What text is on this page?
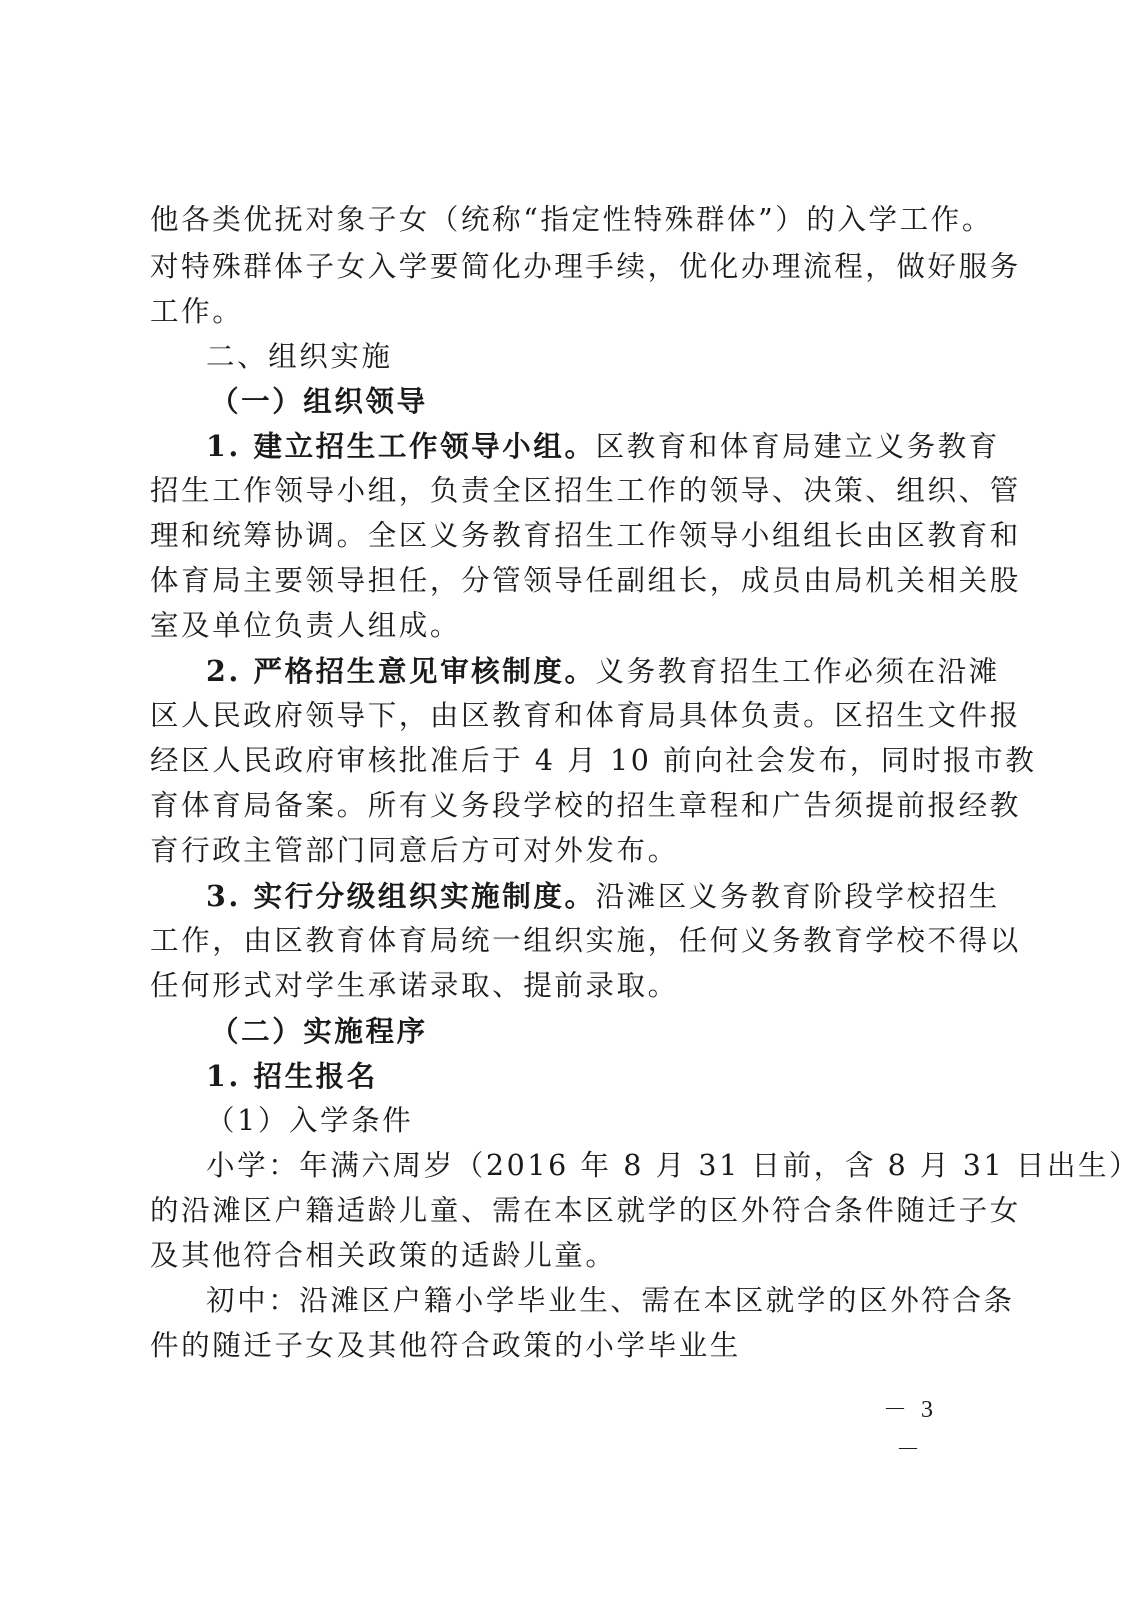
他各类优抚对象子女（统称“指定性特殊群体”）的入学工作。
对特殊群体子女入学要简化办理手续，优化办理流程，做好服务
工作。
二、组织实施
（一）组织领导
1. 建立招生工作领导小组。区教育和体育局建立义务教育
招生工作领导小组，负责全区招生工作的领导、决策、组织、管
理和统筹协调。全区义务教育招生工作领导小组组长由区教育和
体育局主要领导担任，分管领导任副组长，成员由局机关相关股
室及单位负责人组成。
2. 严格招生意见审核制度。义务教育招生工作必须在沿滩
区人民政府领导下，由区教育和体育局具体负责。区招生文件报
经区人民政府审核批准后于 4 月 10 前向社会发布，同时报市教
育体育局备案。所有义务段学校的招生章程和广告须提前报经教
育行政主管部门同意后方可对外发布。
3. 实行分级组织实施制度。沿滩区义务教育阶段学校招生
工作，由区教育体育局统一组织实施，任何义务教育学校不得以
任何形式对学生承诺录取、提前录取。
（二）实施程序
1. 招生报名
（1）入学条件
小学：年满六周岁（2016 年 8 月 31 日前，含 8 月 31 日出生）
的沿滩区户籍适龄儿童、需在本区就学的区外符合条件随迁子女
及其他符合相关政策的适龄儿童。
初中：沿滩区户籍小学毕业生、需在本区就学的区外符合条
件的随迁子女及其他符合政策的小学毕业生
－ 3 －
